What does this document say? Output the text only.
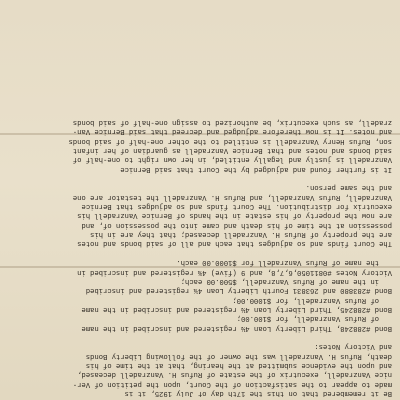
Be it remembered that on this the 17th day of July 1925, it is
made to appear to the satisfaction of the Court, upon the petition of Ver-
nice Vanzradell, executrix of the estate of Rufus H. Vanzradell deceased,
and upon the evidence submitted at the hearing, that at the time of his
death, Rufus H. Vanzradell was the owner of the following Liberty Bonds
and Victory Notes:
Bond #288248, Third Liberty Loan 4½ registered and inscribed in the name
of Rufus Vanzradell, for $100.00;
Bond #288245, Third Liberty Loan 4½ registered and inscribed in the name
of Rufus Vanzradell, for $1000.00;
Bond #283880 and 263831 Fourth Liberty Loan 4¼ registered and inscribed
in the name of Rufus Vanzradell, $500.00 each;
Victory Notes #0811050,6,7,8, and 9 (five) 4¾ registered and inscribed in
the name of Rufus Vanzradell for $1000.00 each.
The Court finds and so adjudges that each and all of said bonds and notes
are the property of Rufus H. Vanzradell deceased; that they are in his
possession at the time of his death and came into the possession of, and
are now the property of his estate in the hands of Bernice Vanzradell his
executrix for distribution. The Court finds and so adjudges that Bernice
Vanzradell, Rufus Vanzradell, and Rufus H. Vanzradell the testator are one
and the same person.
It is further found and adjudged by the Court that said Bernice
Vanzradell is justly and legally entitled, in her own right to one-half of
said bonds and notes and that Bernice Vanzradell as guardian of her infant
son, Rufus Henry Vanzradell is entitled to the other one-half of said bonds
and notes. It is now therefore adjudged and decreed that said Bernice Van-
zradell, as such executrix, be authorized to assign one-half of said bonds
